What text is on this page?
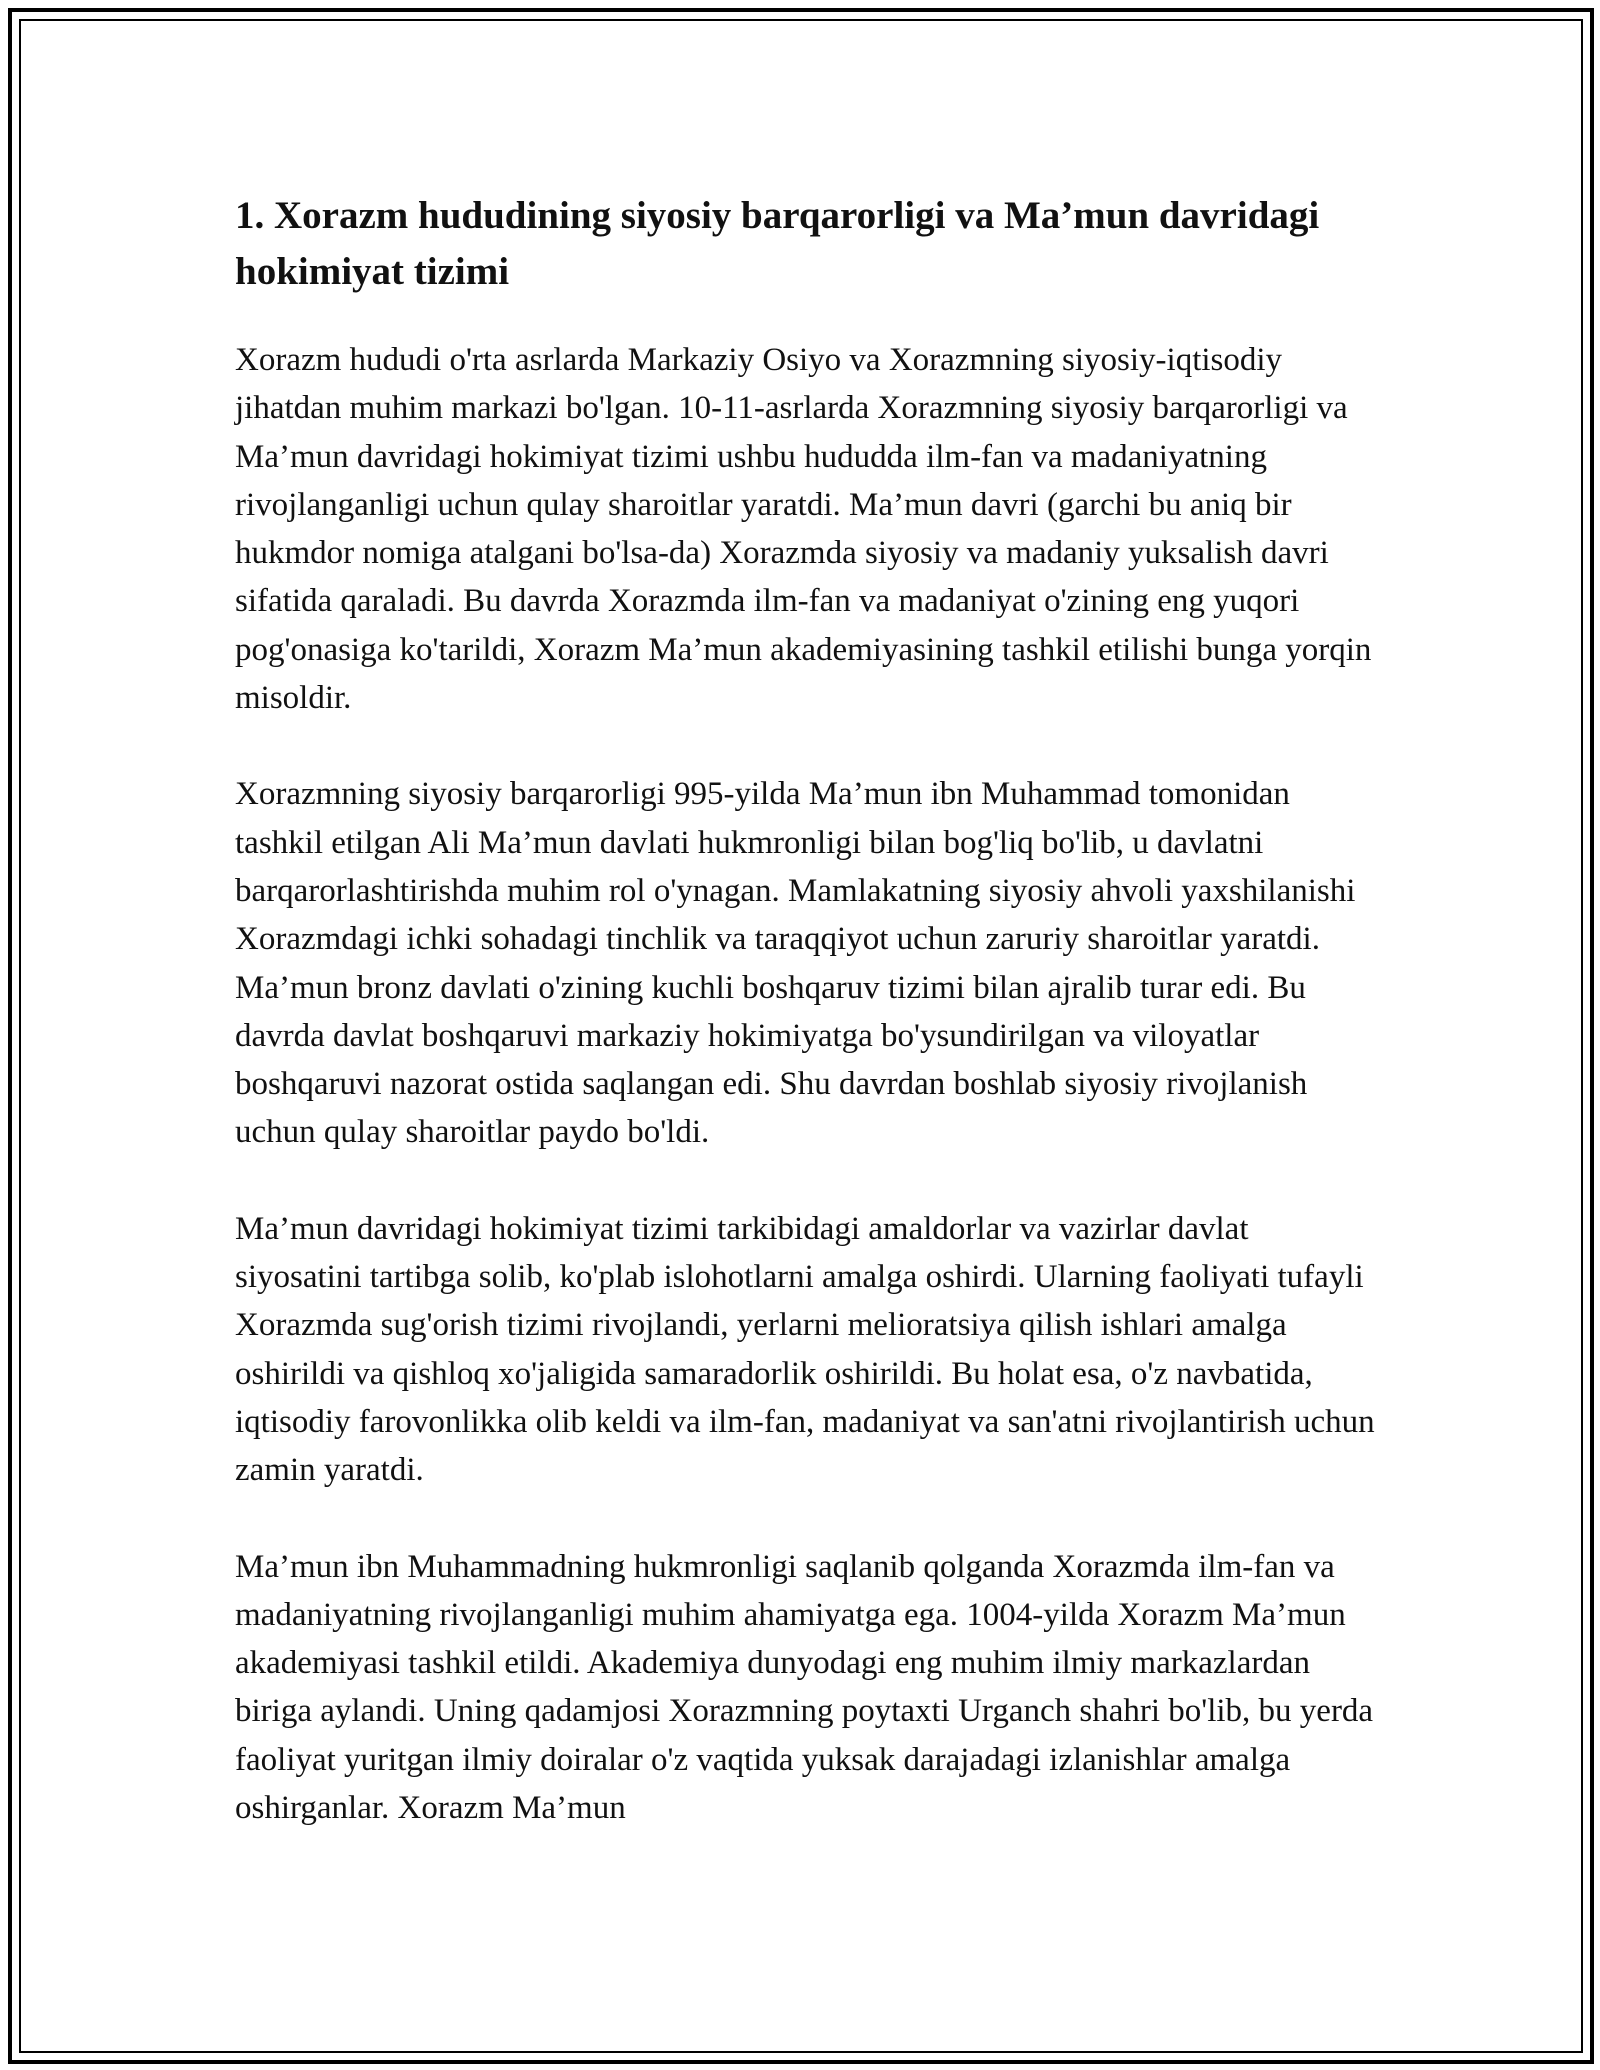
1. Xorazm hududining siyosiy barqarorligi va Ma’mun davridagi hokimiyat tizimi

Xorazm hududi o'rta asrlarda Markaziy Osiyo va Xorazmning siyosiy-iqtisodiy jihatdan muhim markazi bo'lgan. 10-11-asrlarda Xorazmning siyosiy barqarorligi va Ma’mun davridagi hokimiyat tizimi ushbu hududda ilm-fan va madaniyatning rivojlanganligi uchun qulay sharoitlar yaratdi. Ma’mun davri (garchi bu aniq bir hukmdor nomiga atalgani bo'lsa-da) Xorazmda siyosiy va madaniy yuksalish davri sifatida qaraladi. Bu davrda Xorazmda ilm-fan va madaniyat o'zining eng yuqori pog'onasiga ko'tarildi, Xorazm Ma’mun akademiyasining tashkil etilishi bunga yorqin misoldir.

Xorazmning siyosiy barqarorligi 995-yilda Ma’mun ibn Muhammad tomonidan tashkil etilgan Ali Ma’mun davlati hukmronligi bilan bog'liq bo'lib, u davlatni barqarorlashtirishda muhim rol o'ynagan. Mamlakatning siyosiy ahvoli yaxshilanishi Xorazmdagi ichki sohadagi tinchlik va taraqqiyot uchun zaruriy sharoitlar yaratdi. Ma’mun bronz davlati o'zining kuchli boshqaruv tizimi bilan ajralib turar edi. Bu davrda davlat boshqaruvi markaziy hokimiyatga bo'ysundirilgan va viloyatlar boshqaruvi nazorat ostida saqlangan edi. Shu davrdan boshlab siyosiy rivojlanish uchun qulay sharoitlar paydo bo'ldi.

Ma’mun davridagi hokimiyat tizimi tarkibidagi amaldorlar va vazirlar davlat siyosatini tartibga solib, ko'plab islohotlarni amalga oshirdi. Ularning faoliyati tufayli Xorazmda sug'orish tizimi rivojlandi, yerlarni melioratsiya qilish ishlari amalga oshirildi va qishloq xo'jaligida samaradorlik oshirildi. Bu holat esa, o'z navbatida, iqtisodiy farovonlikka olib keldi va ilm-fan, madaniyat va san'atni rivojlantirish uchun zamin yaratdi.

Ma’mun ibn Muhammadning hukmronligi saqlanib qolganda Xorazmda ilm-fan va madaniyatning rivojlanganligi muhim ahamiyatga ega. 1004-yilda Xorazm Ma’mun akademiyasi tashkil etildi. Akademiya dunyodagi eng muhim ilmiy markazlardan biriga aylandi. Uning qadamjosi Xorazmning poytaxti Urganch shahri bo'lib, bu yerda faoliyat yuritgan ilmiy doiralar o'z vaqtida yuksak darajadagi izlanishlar amalga oshirganlar. Xorazm Ma’mun
